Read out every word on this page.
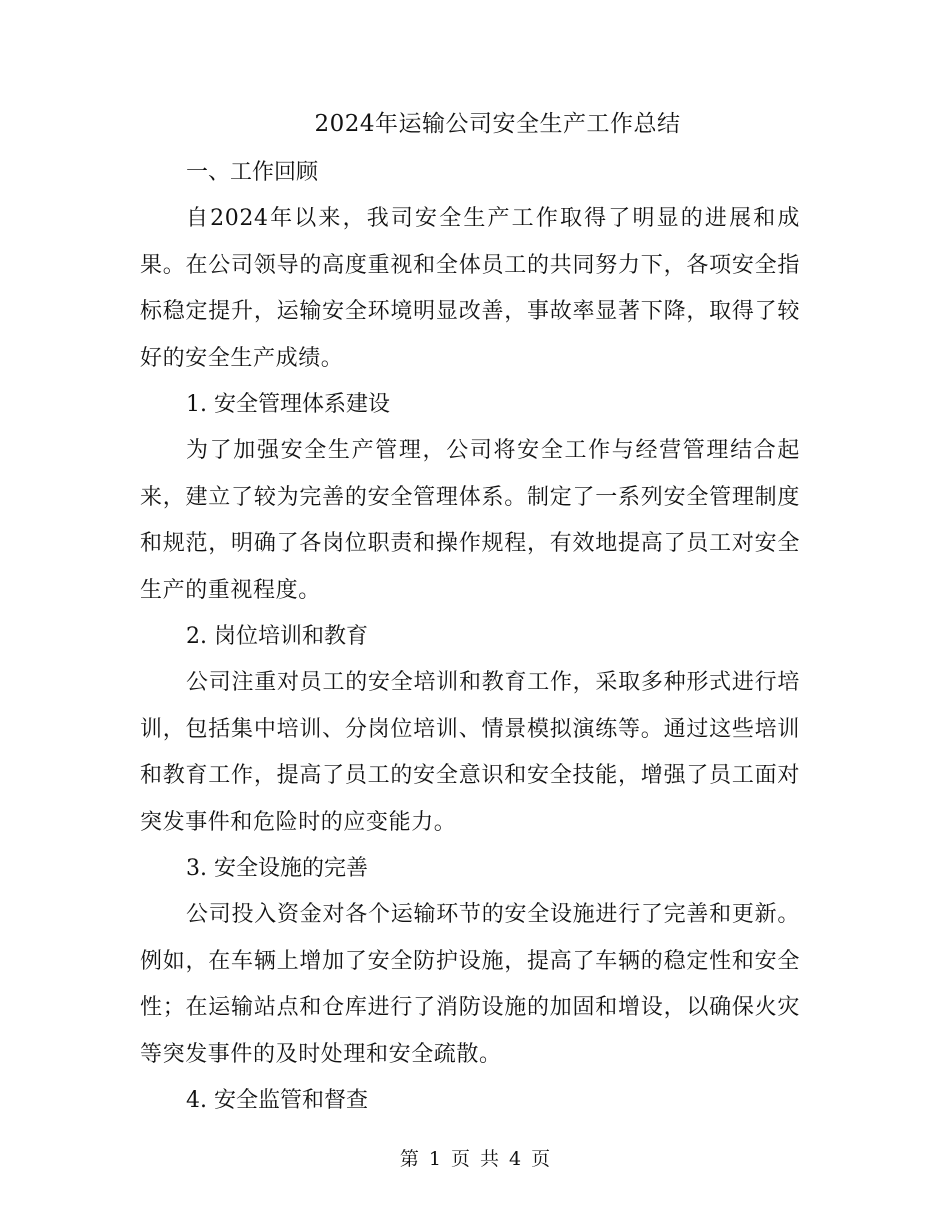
2024年运输公司安全生产工作总结

一、工作回顾

自2024年以来，我司安全生产工作取得了明显的进展和成果。在公司领导的高度重视和全体员工的共同努力下，各项安全指标稳定提升，运输安全环境明显改善，事故率显著下降，取得了较好的安全生产成绩。

1. 安全管理体系建设

为了加强安全生产管理，公司将安全工作与经营管理结合起来，建立了较为完善的安全管理体系。制定了一系列安全管理制度和规范，明确了各岗位职责和操作规程，有效地提高了员工对安全生产的重视程度。

2. 岗位培训和教育

公司注重对员工的安全培训和教育工作，采取多种形式进行培训，包括集中培训、分岗位培训、情景模拟演练等。通过这些培训和教育工作，提高了员工的安全意识和安全技能，增强了员工面对突发事件和危险时的应变能力。

3. 安全设施的完善

公司投入资金对各个运输环节的安全设施进行了完善和更新。例如，在车辆上增加了安全防护设施，提高了车辆的稳定性和安全性；在运输站点和仓库进行了消防设施的加固和增设，以确保火灾等突发事件的及时处理和安全疏散。

4. 安全监管和督查

第 1 页 共 4 页
